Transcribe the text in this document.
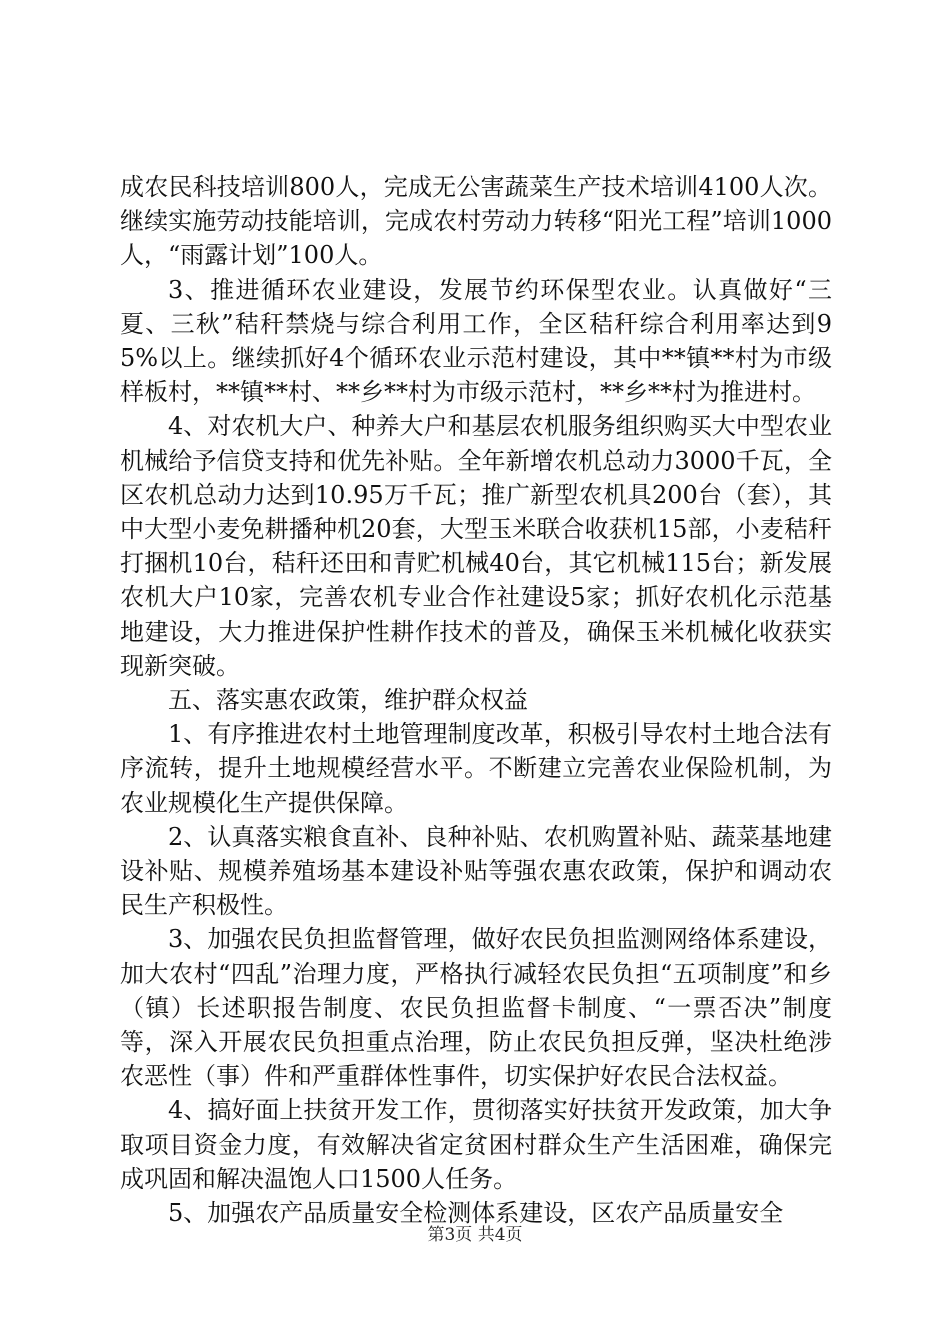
成农民科技培训800人，完成无公害蔬菜生产技术培训4100人次。继续实施劳动技能培训，完成农村劳动力转移“阳光工程”培训1000人，“雨露计划”100人。

3、推进循环农业建设，发展节约环保型农业。认真做好“三夏、三秋”秸秆禁烧与综合利用工作，全区秸秆综合利用率达到95%以上。继续抓好4个循环农业示范村建设，其中**镇**村为市级样板村，**镇**村、**乡**村为市级示范村，**乡**村为推进村。

4、对农机大户、种养大户和基层农机服务组织购买大中型农业机械给予信贷支持和优先补贴。全年新增农机总动力3000千瓦，全区农机总动力达到10.95万千瓦；推广新型农机具200台（套），其中大型小麦免耕播种机20套，大型玉米联合收获机15部，小麦秸秆打捆机10台，秸秆还田和青贮机械40台，其它机械115台；新发展农机大户10家，完善农机专业合作社建设5家；抓好农机化示范基地建设，大力推进保护性耕作技术的普及，确保玉米机械化收获实现新突破。

五、落实惠农政策，维护群众权益

1、有序推进农村土地管理制度改革，积极引导农村土地合法有序流转，提升土地规模经营水平。不断建立完善农业保险机制，为农业规模化生产提供保障。

2、认真落实粮食直补、良种补贴、农机购置补贴、蔬菜基地建设补贴、规模养殖场基本建设补贴等强农惠农政策，保护和调动农民生产积极性。

3、加强农民负担监督管理，做好农民负担监测网络体系建设，加大农村“四乱”治理力度，严格执行减轻农民负担“五项制度”和乡（镇）长述职报告制度、农民负担监督卡制度、“一票否决”制度等，深入开展农民负担重点治理，防止农民负担反弹，坚决杜绝涉农恶性（事）件和严重群体性事件，切实保护好农民合法权益。

4、搞好面上扶贫开发工作，贯彻落实好扶贫开发政策，加大争取项目资金力度，有效解决省定贫困村群众生产生活困难，确保完成巩固和解决温饱人口1500人任务。

5、加强农产品质量安全检测体系建设，区农产品质量安全

第3页 共4页
